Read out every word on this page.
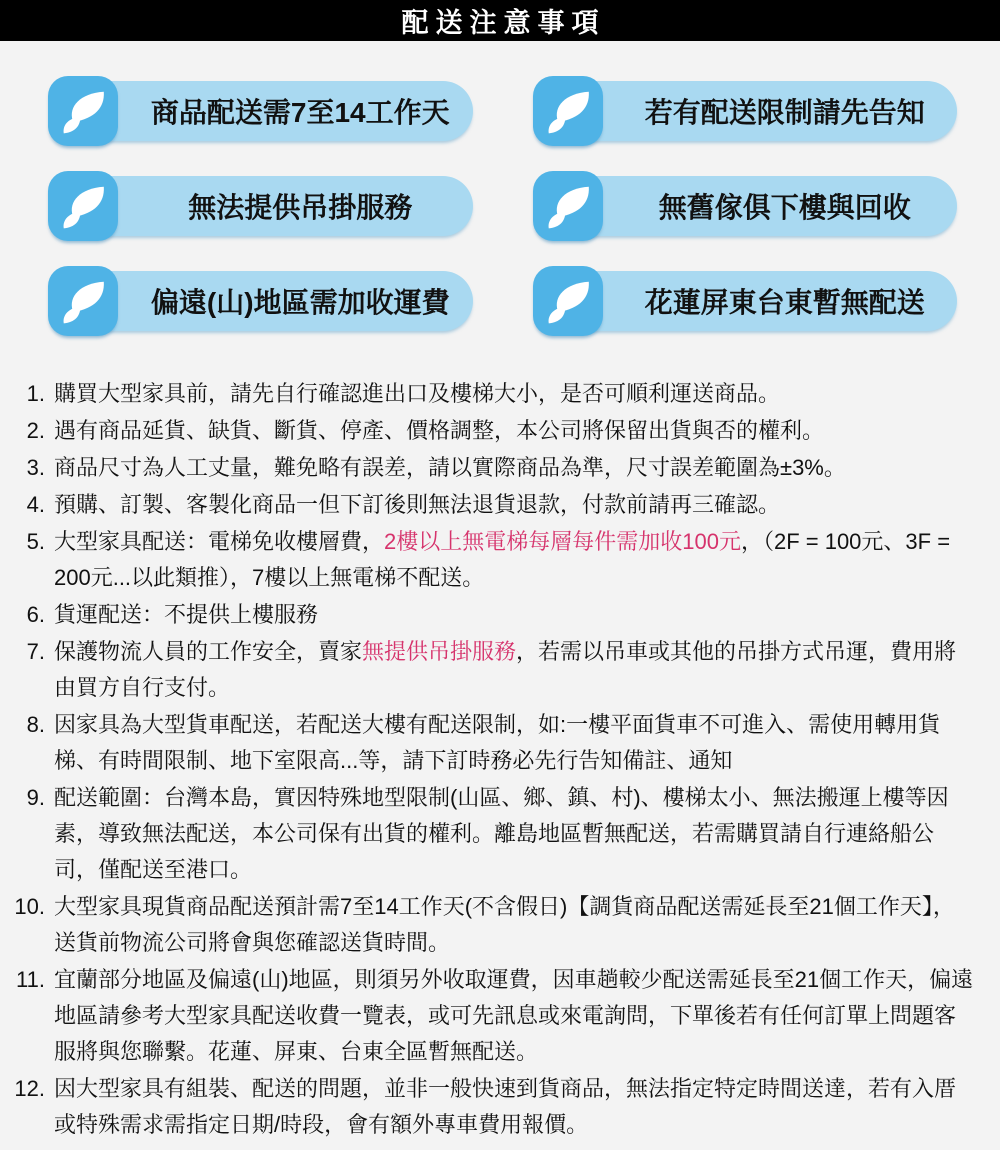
配送注意事項
商品配送需7至14工作天	若有配送限制請先告知
無法提供吊掛服務	無舊傢俱下樓與回收
偏遠(山)地區需加收運費	花蓮屏東台東暫無配送
1. 購買大型家具前，請先自行確認進出口及樓梯大小，是否可順利運送商品。

2. 遇有商品延貨、缺貨、斷貨、停產、價格調整，本公司將保留出貨與否的權利。

3. 商品尺寸為人工丈量，難免略有誤差，請以實際商品為準，尺寸誤差範圍為±3%。

4. 預購、訂製、客製化商品一但下訂後則無法退貨退款，付款前請再三確認。

5. 大型家具配送：電梯免收樓層費，2樓以上無電梯每層每件需加收100元，（2F = 100元、3F = 200元...以此類推），7樓以上無電梯不配送。

6. 貨運配送：不提供上樓服務

7. 保護物流人員的工作安全，賣家無提供吊掛服務，若需以吊車或其他的吊掛方式吊運，費用將由買方自行支付。

8. 因家具為大型貨車配送，若配送大樓有配送限制，如:一樓平面貨車不可進入、需使用轉用貨梯、有時間限制、地下室限高...等，請下訂時務必先行告知備註、通知

9. 配送範圍：台灣本島，實因特殊地型限制(山區、鄉、鎮、村)、樓梯太小、無法搬運上樓等因素，導致無法配送，本公司保有出貨的權利。離島地區暫無配送，若需購買請自行連絡船公司，僅配送至港口。

10. 大型家具現貨商品配送預計需7至14工作天(不含假日)【調貨商品配送需延長至21個工作天】，送貨前物流公司將會與您確認送貨時間。

11. 宜蘭部分地區及偏遠(山)地區，則須另外收取運費，因車趟較少配送需延長至21個工作天，偏遠地區請參考大型家具配送收費一覽表，或可先訊息或來電詢問，下單後若有任何訂單上問題客服將與您聯繫。花蓮、屏東、台東全區暫無配送。

12. 因大型家具有組裝、配送的問題，並非一般快速到貨商品，無法指定特定時間送達，若有入厝或特殊需求需指定日期/時段，會有額外專車費用報價。
